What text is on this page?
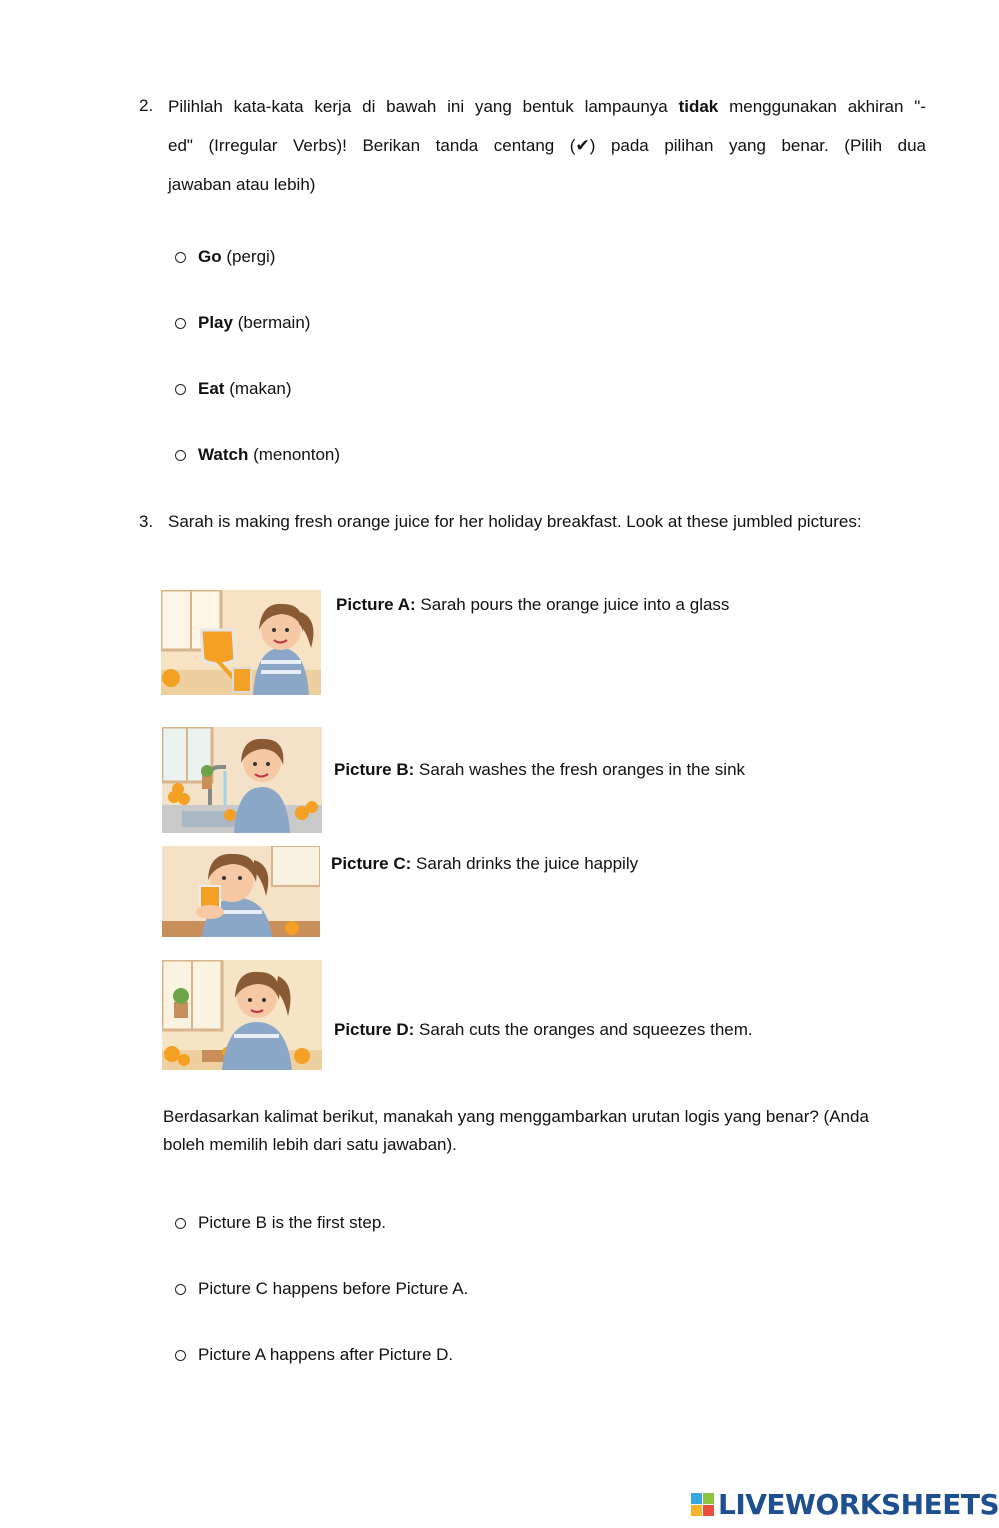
2. Pilihlah kata-kata kerja di bawah ini yang bentuk lampaunya tidak menggunakan akhiran "-
ed" (Irregular Verbs)! Berikan tanda centang (✔) pada pilihan yang benar. (Pilih dua
jawaban atau lebih)
Go (pergi)
Play (bermain)
Eat (makan)
Watch (menonton)
3. Sarah is making fresh orange juice for her holiday breakfast. Look at these jumbled pictures:
Picture A: Sarah pours the orange juice into a glass
Picture B: Sarah washes the fresh oranges in the sink
Picture C: Sarah drinks the juice happily
Picture D: Sarah cuts the oranges and squeezes them.
Berdasarkan kalimat berikut, manakah yang menggambarkan urutan logis yang benar? (Anda
boleh memilih lebih dari satu jawaban).
Picture B is the first step.
Picture C happens before Picture A.
Picture A happens after Picture D.
LIVEWORKSHEETS
